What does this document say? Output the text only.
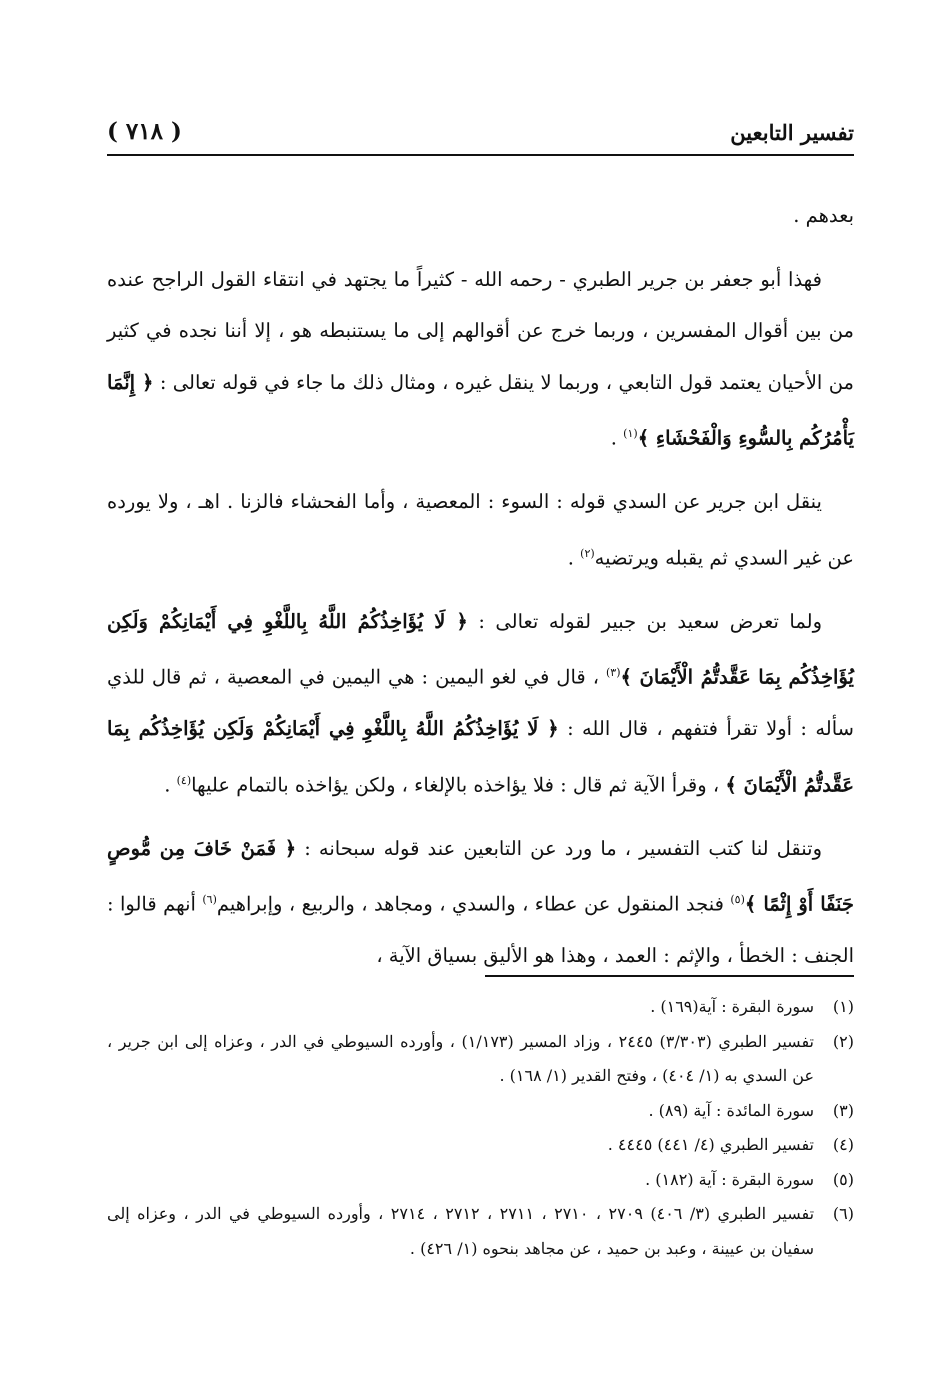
تفسير التابعين
( ٧١٨ )

بعدهم .

فهذا أبو جعفر بن جرير الطبري - رحمه الله - كثيراً ما يجتهد في انتقاء القول الراجح عنده من بين أقوال المفسرين ، وربما خرج عن أقوالهم إلى ما يستنبطه هو ، إلا أننا نجده في كثير من الأحيان يعتمد قول التابعي ، وربما لا ينقل غيره ، ومثال ذلك ما جاء في قوله تعالى : ﴿ إِنَّمَا يَأْمُرُكُم بِالسُّوءِ وَالْفَحْشَاءِ ﴾$^{(١)}$ .

ينقل ابن جرير عن السدي قوله : السوء : المعصية ، وأما الفحشاء فالزنا . اهـ ، ولا يورده عن غير السدي ثم يقبله ويرتضيه$^{(٢)}$ .

ولما تعرض سعيد بن جبير لقوله تعالى : ﴿ لَا يُؤَاخِذُكُمُ اللَّهُ بِاللَّغْوِ فِي أَيْمَانِكُمْ وَلَكِن يُؤَاخِذُكُم بِمَا عَقَّدتُّمُ الْأَيْمَانَ ﴾$^{(٣)}$ ، قال في لغو اليمين : هي اليمين في المعصية ، ثم قال للذي سأله : أولا تقرأ فتفهم ، قال الله : ﴿ لَا يُؤَاخِذُكُمُ اللَّهُ بِاللَّغْوِ فِي أَيْمَانِكُمْ وَلَكِن يُؤَاخِذُكُم بِمَا عَقَّدتُّمُ الْأَيْمَانَ ﴾ ، وقرأ الآية ثم قال : فلا يؤاخذه بالإلغاء ، ولكن يؤاخذه بالتمام عليها$^{(٤)}$ .

وتنقل لنا كتب التفسير ، ما ورد عن التابعين عند قوله سبحانه : ﴿ فَمَنْ خَافَ مِن مُّوصٍ جَنَفًا أَوْ إِثْمًا ﴾$^{(٥)}$ فنجد المنقول عن عطاء ، والسدي ، ومجاهد ، والربيع ، وإبراهيم$^{(٦)}$ أنهم قالوا : الجنف : الخطأ ، والإثم : العمد ، وهذا هو الأليق بسياق الآية ،

(١)
سورة البقرة : آية(١٦٩) .
(٢)
تفسير الطبري (٣/٣٠٣) ٢٤٤٥ ، وزاد المسير (١/١٧٣) ، وأورده السيوطي في الدر ، وعزاه إلى ابن جرير ، عن السدي به (١/ ٤٠٤) ، وفتح القدير (١/ ١٦٨) .
(٣)
سورة المائدة : آية (٨٩) .
(٤)
تفسير الطبري (٤/ ٤٤١) ٤٤٤٥ .
(٥)
سورة البقرة : آية (١٨٢) .
(٦)
تفسير الطبري (٣/ ٤٠٦) ٢٧٠٩ ، ٢٧١٠ ، ٢٧١١ ، ٢٧١٢ ، ٢٧١٤ ، وأورده السيوطي في الدر ، وعزاه إلى سفيان بن عيينة ، وعبد بن حميد ، عن مجاهد بنحوه (١/ ٤٢٦) .
